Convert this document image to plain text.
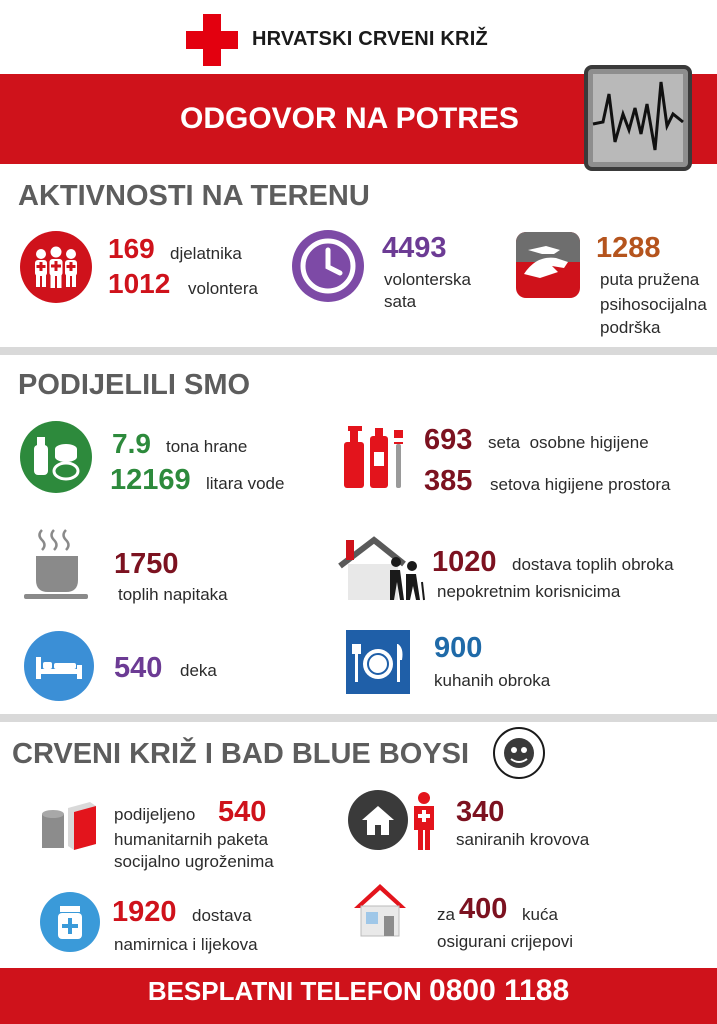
HRVATSKI CRVENI KRIŽ
ODGOVOR NA POTRES
AKTIVNOSTI NA TERENU
169 djelatnika
1012 volontera
4493
volonterska
sata
1288
puta pružena
psihosocijalna
podrška
PODIJELILI SMO
7.9 tona hrane
12169 litara vode
693 seta  osobne higijene
385 setova higijene prostora
1750
toplih napitaka
1020 dostava toplih obroka
nepokretnim korisnicima
540 deka
900
kuhanih obroka
CRVENI KRIŽ I BAD BLUE BOYSI
podijeljeno 540
humanitarnih paketa
socijalno ugroženima
340
saniranih krovova
1920 dostava
namirnica i lijekova
za 400 kuća
osigurani crijepovi
BESPLATNI TELEFON 0800 1188
